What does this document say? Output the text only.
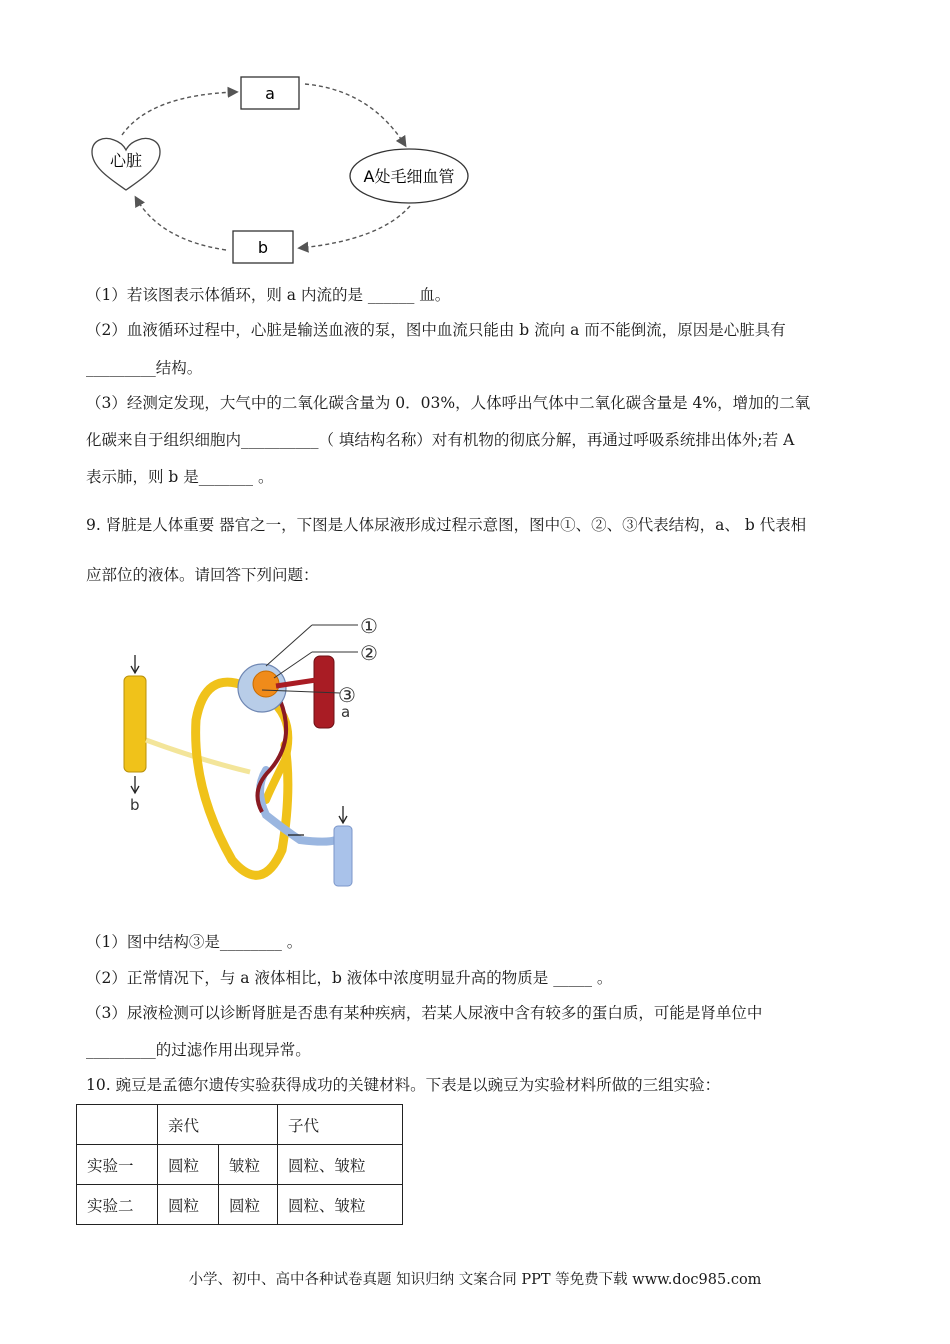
a
b
心脏
A处毛细血管
（1）若该图表示体循环，则 a 内流的是 ______ 血。
（2）血液循环过程中，心脏是输送血液的泵，图中血流只能由 b 流向 a 而不能倒流，原因是心脏具有
_________结构。
（3）经测定发现，大气中的二氧化碳含量为 0．03%，人体呼出气体中二氧化碳含量是 4%，增加的二氧
化碳来自于组织细胞内__________（ 填结构名称）对有机物的彻底分解，再通过呼吸系统排出体外;若 A
表示肺，则 b 是_______ 。
9. 肾脏是人体重要 器官之一，下图是人体尿液形成过程示意图，图中①、②、③代表结构，a、 b 代表相
应部位的液体。请回答下列问题：
b
①
②
③
a
（1）图中结构③是________ 。
（2）正常情况下，与 a 液体相比，b 液体中浓度明显升高的物质是 _____ 。
（3）尿液检测可以诊断肾脏是否患有某种疾病，若某人尿液中含有较多的蛋白质，可能是肾单位中
_________的过滤作用出现异常。
10. 豌豆是孟德尔遗传实验获得成功的关键材料。下表是以豌豆为实验材料所做的三组实验：
	亲代		子代
实验一	圆粒	皱粒	圆粒、皱粒
实验二	圆粒	圆粒	圆粒、皱粒
小学、初中、高中各种试卷真题 知识归纳 文案合同 PPT 等免费下载 www.doc985.com
